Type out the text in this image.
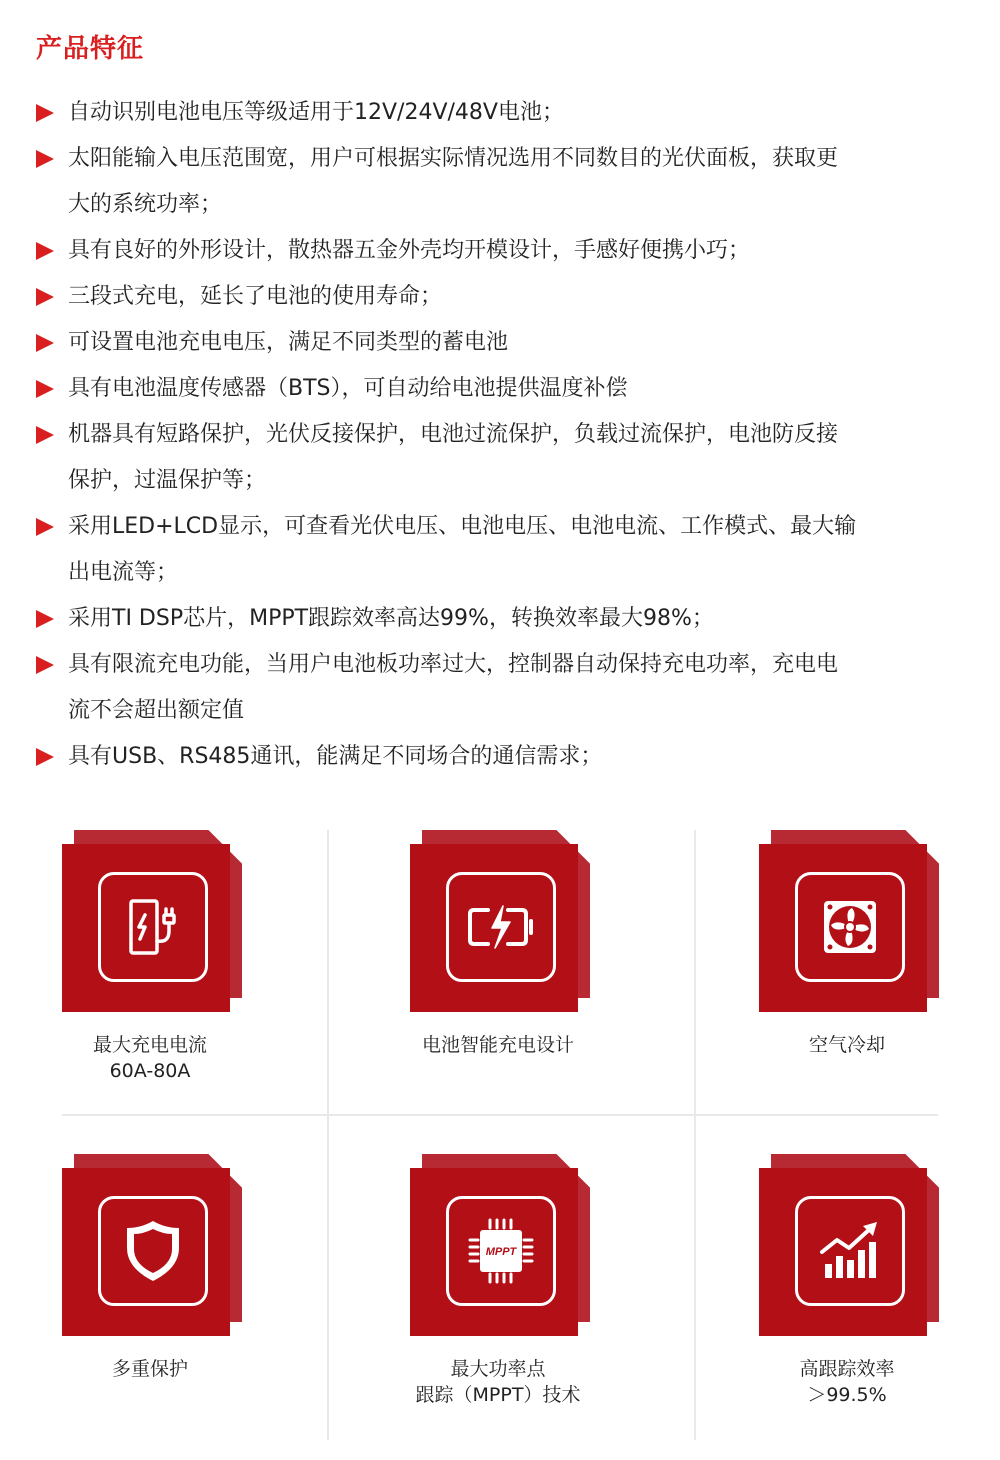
产品特征
自动识别电池电压等级适用于12V/24V/48V电池；
太阳能输入电压范围宽，用户可根据实际情况选用不同数目的光伏面板，获取更
大的系统功率；
具有良好的外形设计，散热器五金外壳均开模设计，手感好便携小巧；
三段式充电，延长了电池的使用寿命；
可设置电池充电电压，满足不同类型的蓄电池
具有电池温度传感器（BTS），可自动给电池提供温度补偿
机器具有短路保护，光伏反接保护，电池过流保护，负载过流保护，电池防反接
保护，过温保护等；
采用LED+LCD显示，可查看光伏电压、电池电压、电池电流、工作模式、最大输
出电流等；
采用TI DSP芯片，MPPT跟踪效率高达99%，转换效率最大98%；
具有限流充电功能，当用户电池板功率过大，控制器自动保持充电功率，充电电
流不会超出额定值
具有USB、RS485通讯，能满足不同场合的通信需求；
最大充电电流
60A-80A
电池智能充电设计	空气冷却
多重保护
MPPT
最大功率点
跟踪（MPPT）技术
高跟踪效率
＞99.5%
